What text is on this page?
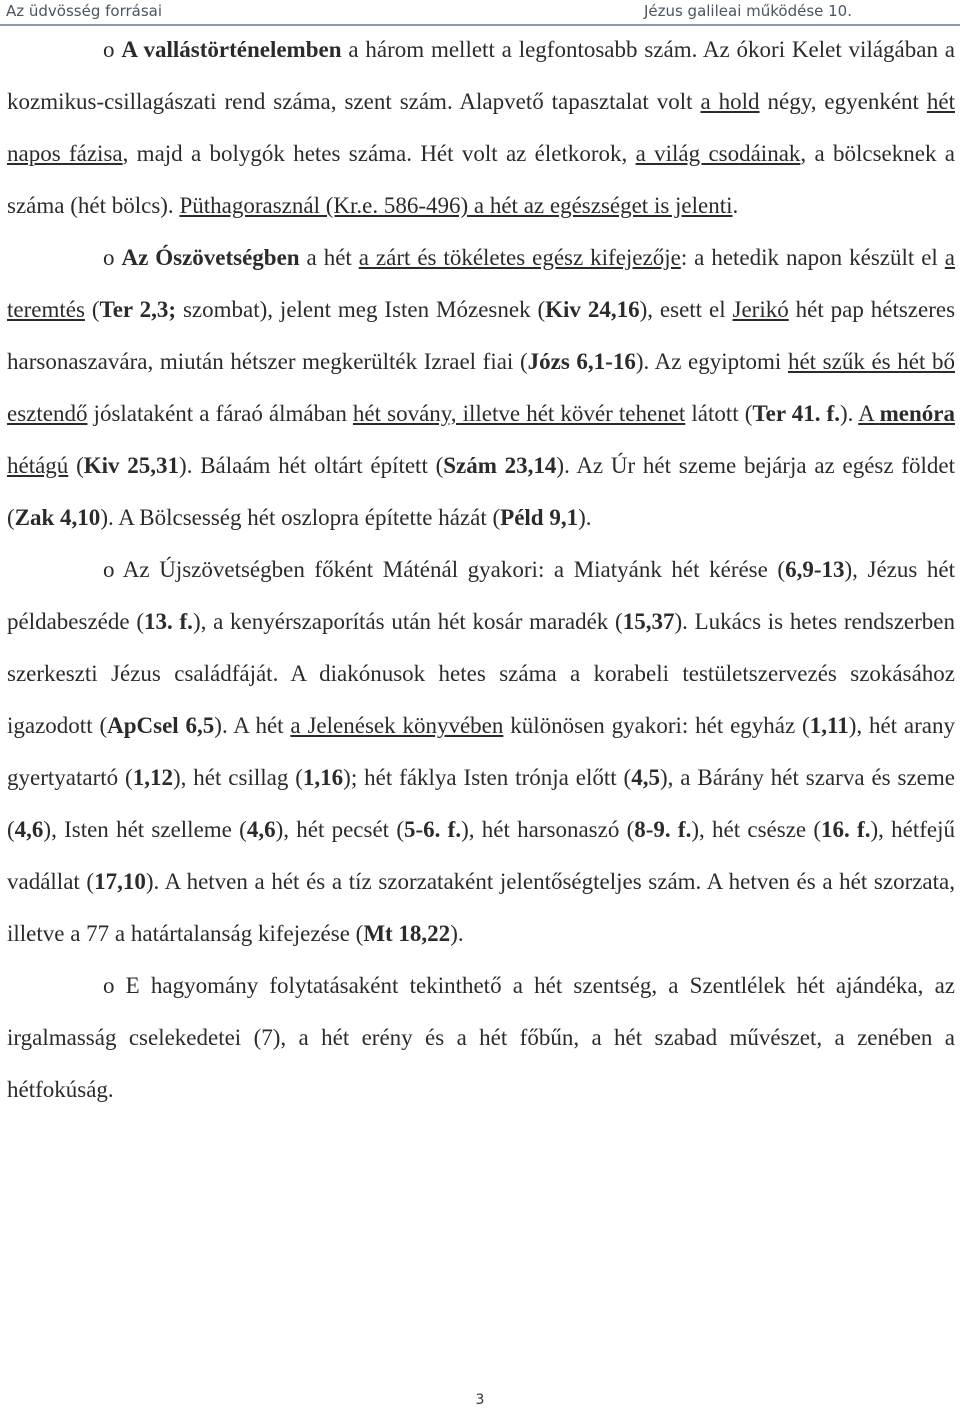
Az üdvösség forrásai	Jézus galileai működése 10.

o A vallástörténelemben a három mellett a legfontosabb szám. Az ókori Kelet világában a kozmikus-csillagászati rend száma, szent szám. Alapvető tapasztalat volt a hold négy, egyenként hét napos fázisa, majd a bolygók hetes száma. Hét volt az életkorok, a világ csodáinak, a bölcseknek a száma (hét bölcs). Püthagorasznál (Kr.e. 586-496) a hét az egészséget is jelenti.

o Az Ószövetségben a hét a zárt és tökéletes egész kifejezője: a hetedik napon készült el a teremtés (Ter 2,3; szombat), jelent meg Isten Mózesnek (Kiv 24,16), esett el Jerikó hét pap hétszeres harsonaszavára, miután hétszer megkerülték Izrael fiai (Józs 6,1-16). Az egyiptomi hét szűk és hét bő esztendő jóslataként a fáraó álmában hét sovány, illetve hét kövér tehenet látott (Ter 41. f.). A menóra hétágú (Kiv 25,31). Bálaám hét oltárt épített (Szám 23,14). Az Úr hét szeme bejárja az egész földet (Zak 4,10). A Bölcsesség hét oszlopra építette házát (Péld 9,1).

o Az Újszövetségben főként Máténál gyakori: a Miatyánk hét kérése (6,9-13), Jézus hét példabeszéde (13. f.), a kenyérszaporítás után hét kosár maradék (15,37). Lukács is hetes rendszerben szerkeszti Jézus családfáját. A diakónusok hetes száma a korabeli testületszervezés szokásához igazodott (ApCsel 6,5). A hét a Jelenések könyvében különösen gyakori: hét egyház (1,11), hét arany gyertyatartó (1,12), hét csillag (1,16); hét fáklya Isten trónja előtt (4,5), a Bárány hét szarva és szeme (4,6), Isten hét szelleme (4,6), hét pecsét (5-6. f.), hét harsonaszó (8-9. f.), hét csésze (16. f.), hétfejű vadállat (17,10). A hetven a hét és a tíz szorzataként jelentőségteljes szám. A hetven és a hét szorzata, illetve a 77 a határtalanság kifejezése (Mt 18,22).

o E hagyomány folytatásaként tekinthető a hét szentség, a Szentlélek hét ajándéka, az irgalmasság cselekedetei (7), a hét erény és a hét főbűn, a hét szabad művészet, a zenében a hétfokúság.

3
